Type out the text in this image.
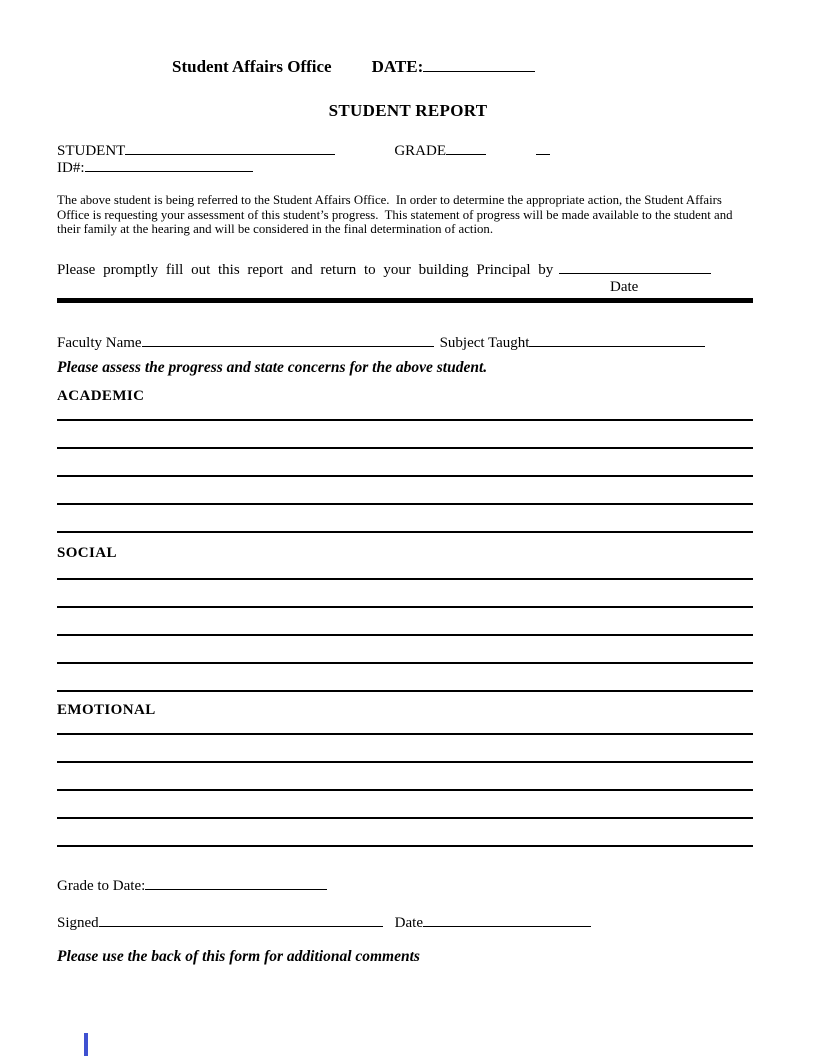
Student Affairs Office DATE:
STUDENT REPORT
STUDENT	GRADE
ID#:
The above student is being referred to the Student Affairs Office.  In order to determine the appropriate action, the Student Affairs Office is requesting your assessment of this student’s progress.  This statement of progress will be made available to the student and their family at the hearing and will be considered in the final determination of action.
Please promptly fill out this report and return to your building Principal by
Date
Faculty Name	Subject Taught
Please assess the progress and state concerns for the above student.
ACADEMIC
SOCIAL
EMOTIONAL
Grade to Date:
Signed	Date
Please use the back of this form for additional comments
